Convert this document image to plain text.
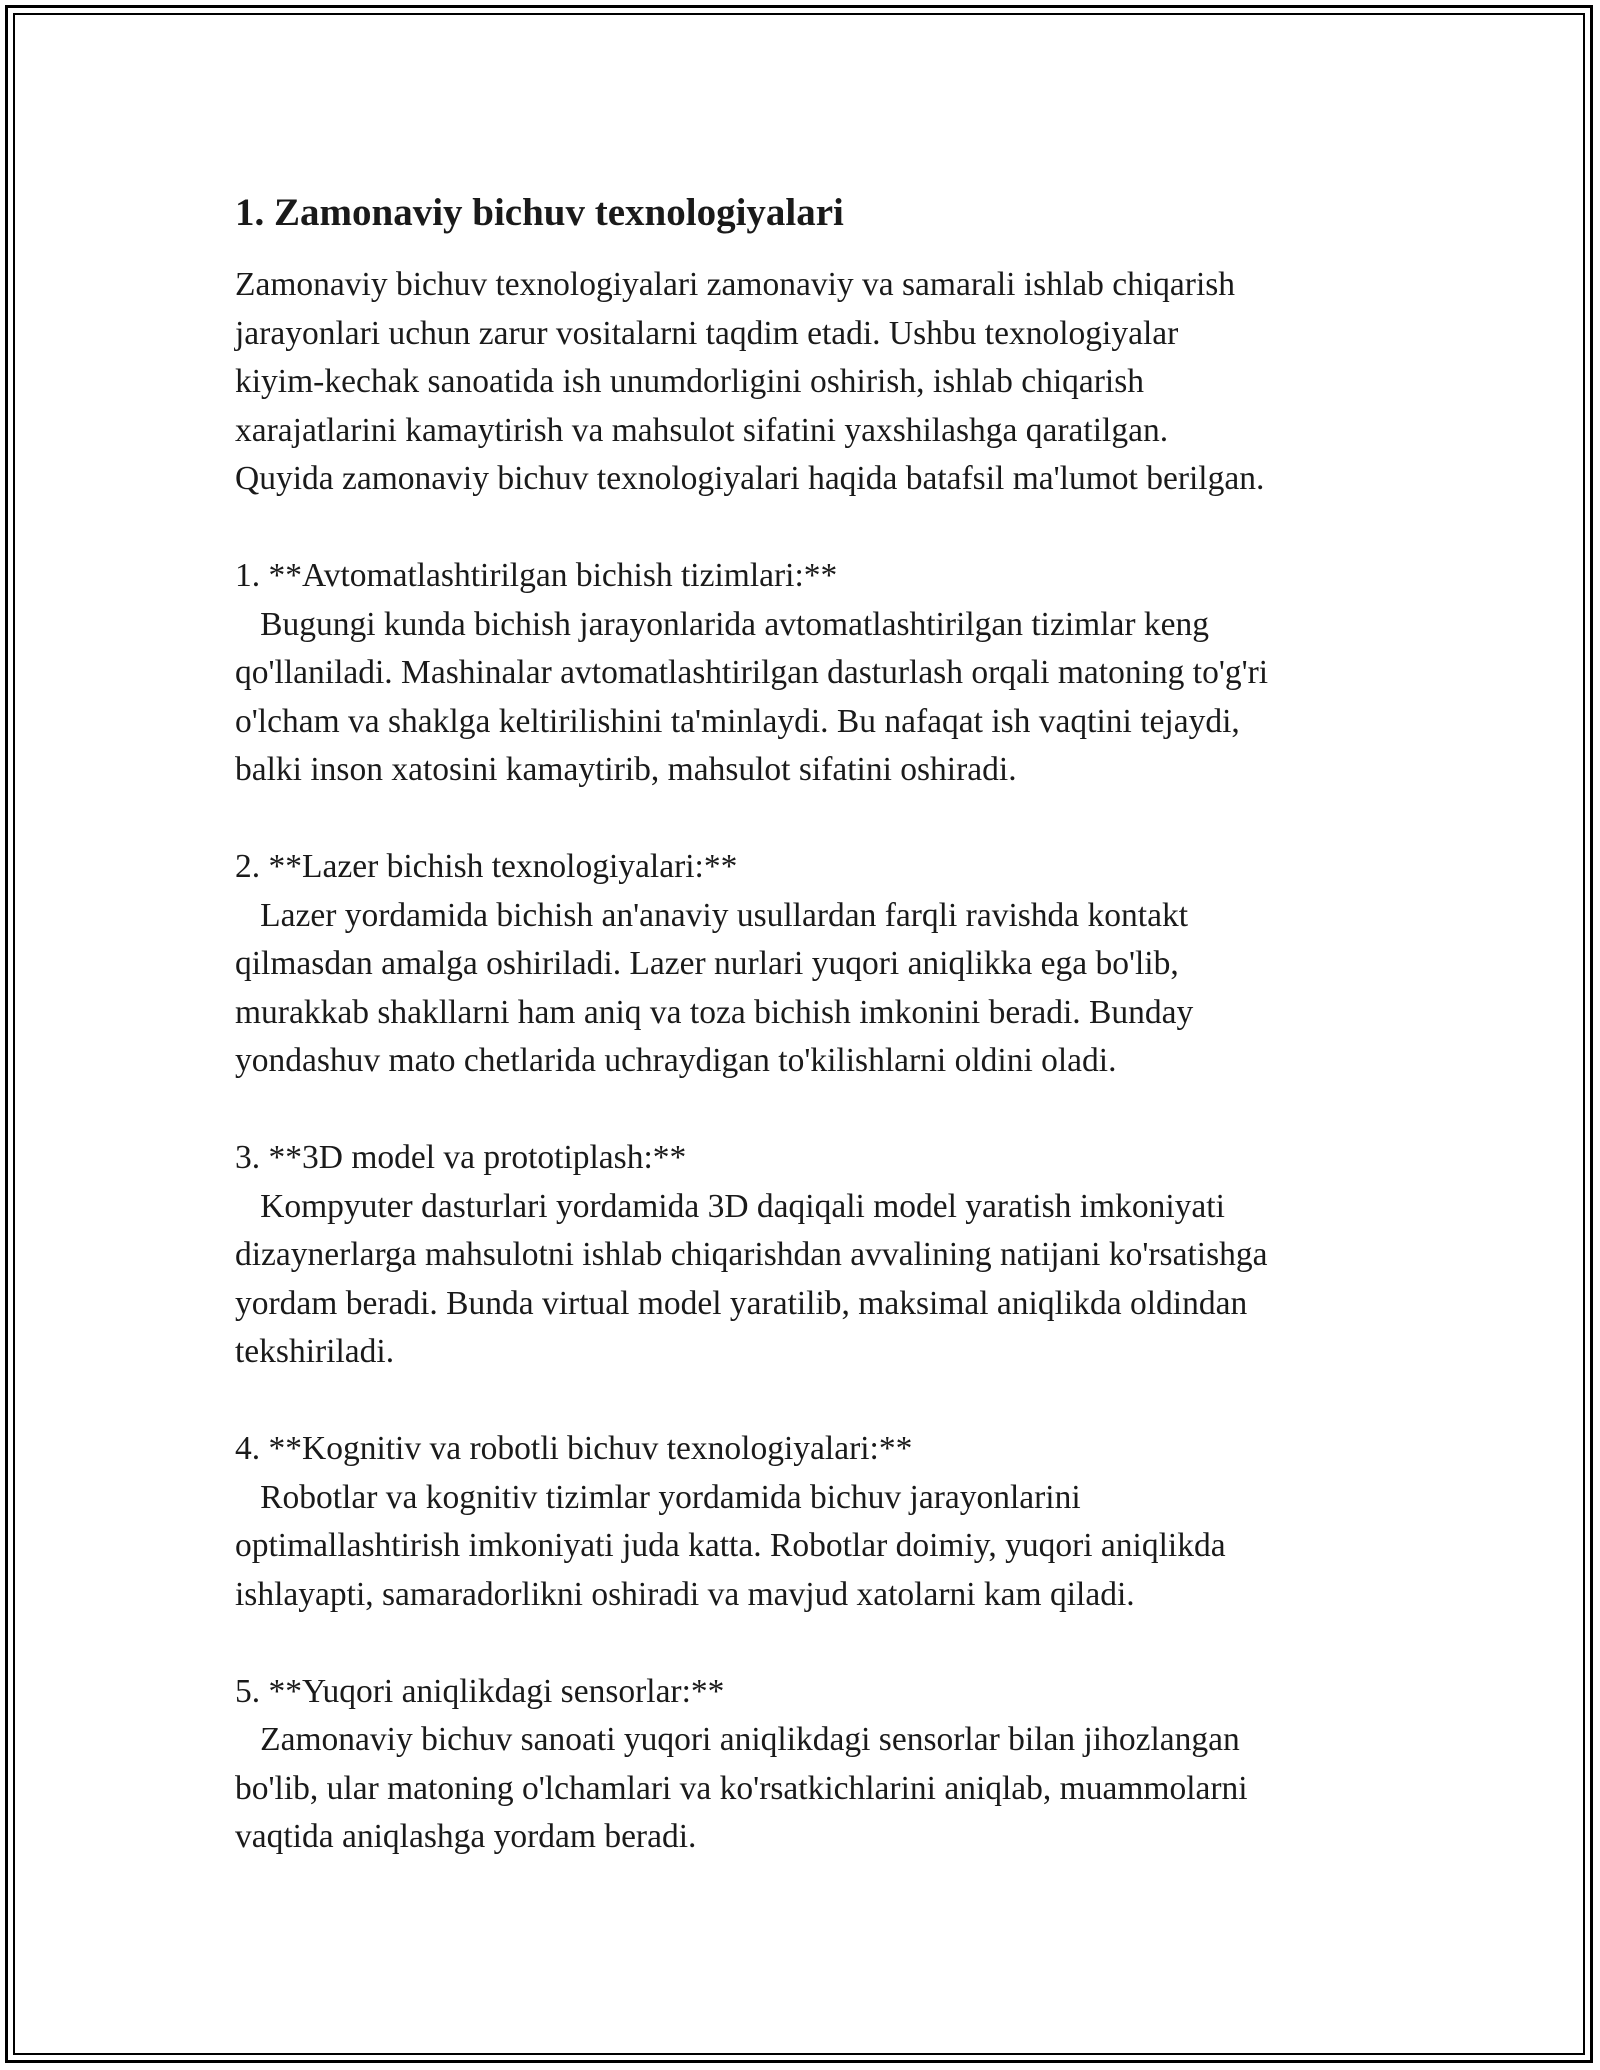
1. Zamonaviy bichuv texnologiyalari

Zamonaviy bichuv texnologiyalari zamonaviy va samarali ishlab chiqarish
jarayonlari uchun zarur vositalarni taqdim etadi. Ushbu texnologiyalar
kiyim-kechak sanoatida ish unumdorligini oshirish, ishlab chiqarish
xarajatlarini kamaytirish va mahsulot sifatini yaxshilashga qaratilgan.
Quyida zamonaviy bichuv texnologiyalari haqida batafsil ma'lumot berilgan.

1. **Avtomatlashtirilgan bichish tizimlari:**
Bugungi kunda bichish jarayonlarida avtomatlashtirilgan tizimlar keng
qo'llaniladi. Mashinalar avtomatlashtirilgan dasturlash orqali matoning to'g'ri
o'lcham va shaklga keltirilishini ta'minlaydi. Bu nafaqat ish vaqtini tejaydi,
balki inson xatosini kamaytirib, mahsulot sifatini oshiradi.

2. **Lazer bichish texnologiyalari:**
Lazer yordamida bichish an'anaviy usullardan farqli ravishda kontakt
qilmasdan amalga oshiriladi. Lazer nurlari yuqori aniqlikka ega bo'lib,
murakkab shakllarni ham aniq va toza bichish imkonini beradi. Bunday
yondashuv mato chetlarida uchraydigan to'kilishlarni oldini oladi.

3. **3D model va prototiplash:**
Kompyuter dasturlari yordamida 3D daqiqali model yaratish imkoniyati
dizaynerlarga mahsulotni ishlab chiqarishdan avvalining natijani ko'rsatishga
yordam beradi. Bunda virtual model yaratilib, maksimal aniqlikda oldindan
tekshiriladi.

4. **Kognitiv va robotli bichuv texnologiyalari:**
Robotlar va kognitiv tizimlar yordamida bichuv jarayonlarini
optimallashtirish imkoniyati juda katta. Robotlar doimiy, yuqori aniqlikda
ishlayapti, samaradorlikni oshiradi va mavjud xatolarni kam qiladi.

5. **Yuqori aniqlikdagi sensorlar:**
Zamonaviy bichuv sanoati yuqori aniqlikdagi sensorlar bilan jihozlangan
bo'lib, ular matoning o'lchamlari va ko'rsatkichlarini aniqlab, muammolarni
vaqtida aniqlashga yordam beradi.
